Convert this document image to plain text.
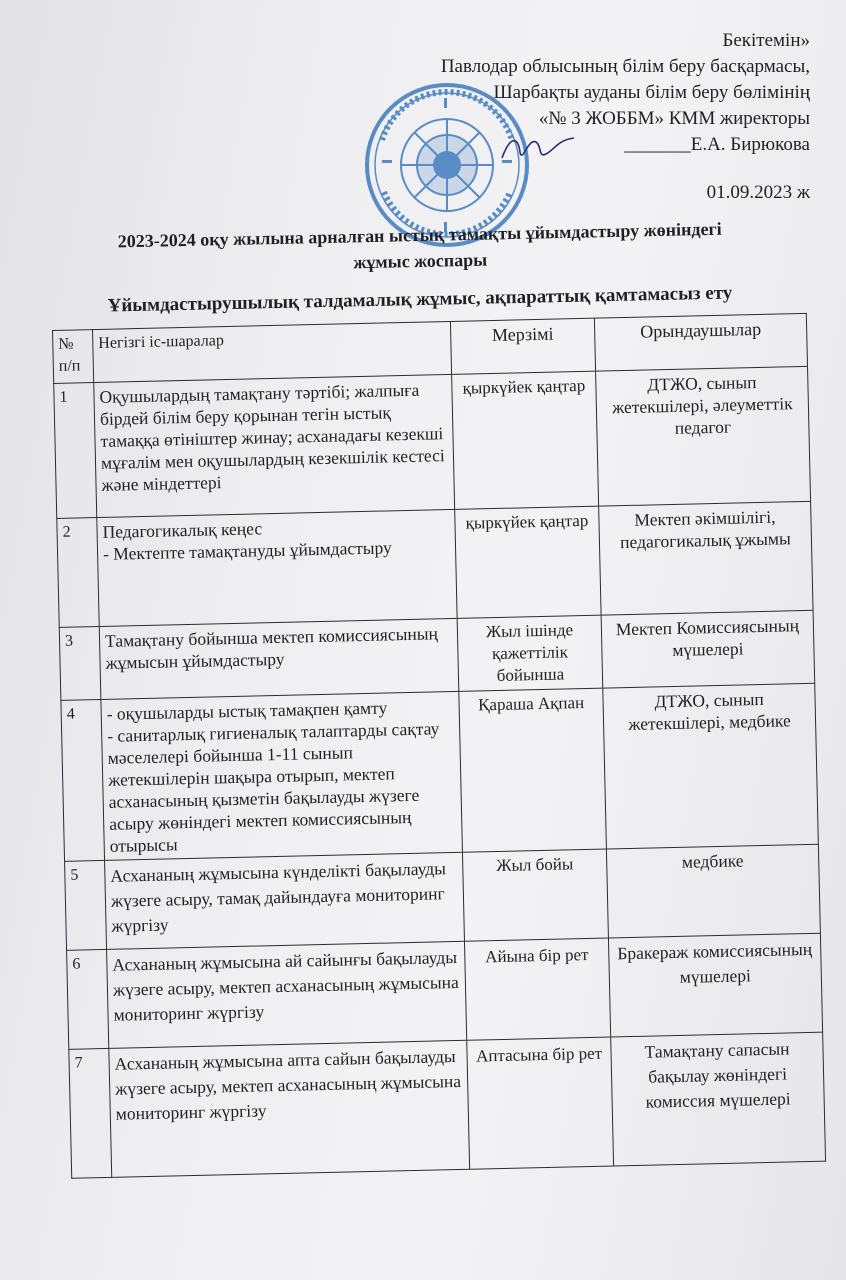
Бекітемін»
Павлодар облысының білім беру басқармасы,
Шарбақты ауданы білім беру бөлімінің
«№ 3 ЖОББМ» КММ жиректоры
_______Е.А. Бирюкова
01.09.2023 ж
2023-2024 оқу жылына арналған ыстық тамақты ұйымдастыру жөніндегі
жұмыс жоспары
Ұйымдастырушылық талдамалық жұмыс, ақпараттық қамтамасыз ету
№ п/п	Негізгі іс-шаралар	Мерзімі	Орындаушылар
1	Оқушылардың тамақтану тәртібі; жалпыға бірдей білім беру қорынан тегін ыстық тамаққа өтініштер жинау; асханадағы кезекші мұғалім мен оқушылардың кезекшілік кестесі және міндеттері	қыркүйек қаңтар	ДТЖО, сынып жетекшілері, әлеуметтік педагог
2	Педагогикалық кеңес
- Мектепте тамақтануды ұйымдастыру	қыркүйек қаңтар	Мектеп әкімшілігі, педагогикалық ұжымы
3	Тамақтану бойынша мектеп комиссиясының жұмысын ұйымдастыру	Жыл ішінде қажеттілік бойынша	Мектеп Комиссиясының мүшелері
4	- оқушыларды ыстық тамақпен қамту
- санитарлық гигиеналық талаптарды сақтау мәселелері бойынша 1-11 сынып жетекшілерін шақыра отырып, мектеп асханасының қызметін бақылауды жүзеге асыру жөніндегі мектеп комиссиясының отырысы	Қараша Ақпан	ДТЖО, сынып жетекшілері, медбике
5	Асхананың жұмысына күнделікті бақылауды жүзеге асыру, тамақ дайындауға мониторинг жүргізу	Жыл бойы	медбике
6	Асхананың жұмысына ай сайынғы бақылауды жүзеге асыру, мектеп асханасының жұмысына мониторинг жүргізу	Айына бір рет	Бракераж комиссиясының мүшелері
7	Асхананың жұмысына апта сайын бақылауды жүзеге асыру, мектеп асханасының жұмысына мониторинг жүргізу	Аптасына бір рет	Тамақтану сапасын бақылау жөніндегі комиссия мүшелері
